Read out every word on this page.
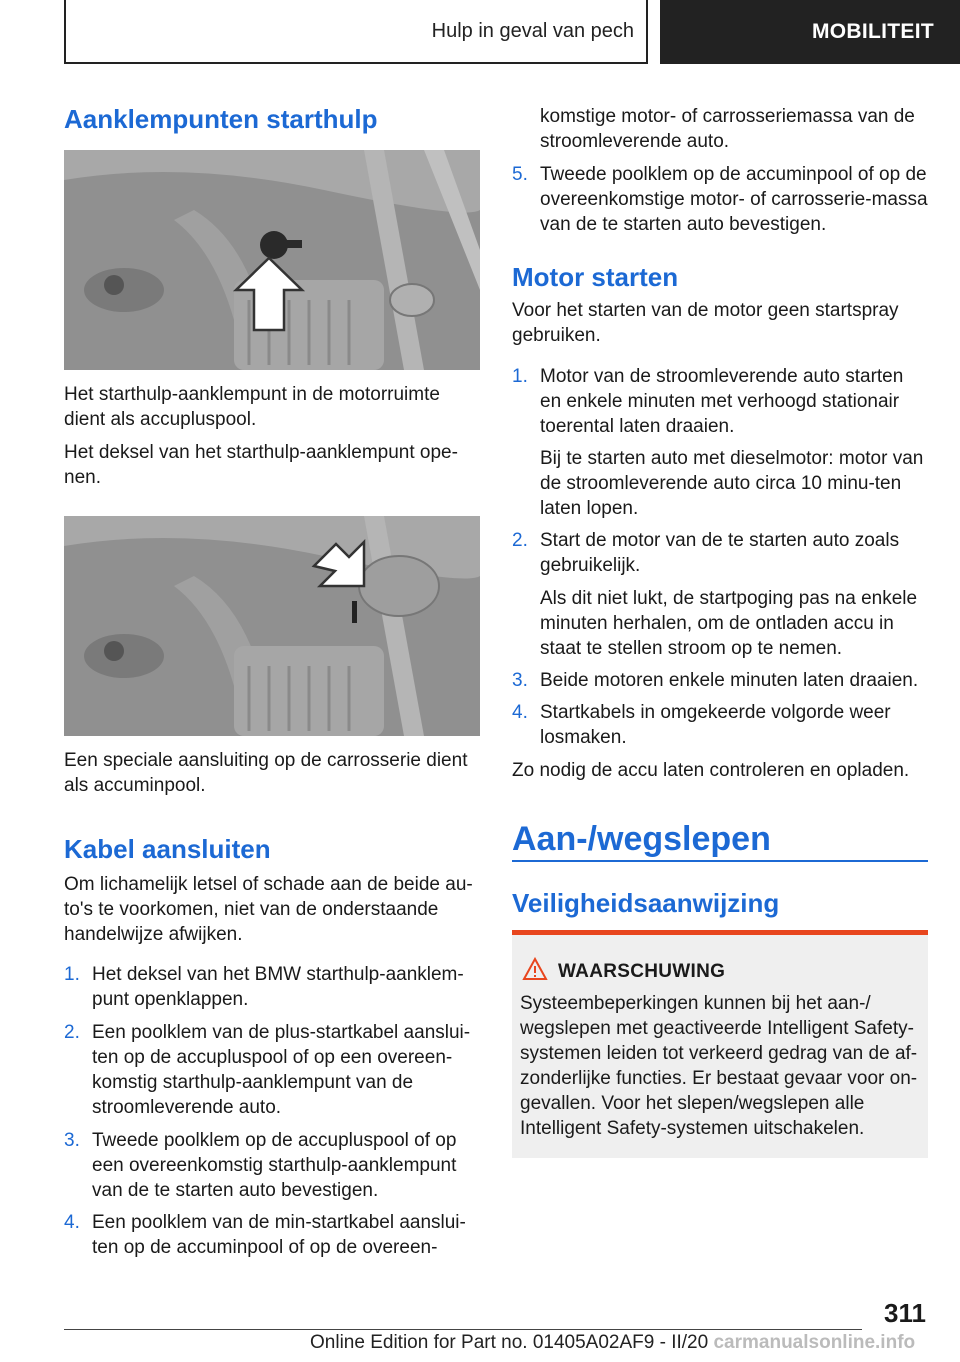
Hulp in geval van pech	MOBILITEIT
Aanklempunten starthulp

Het starthulp-aanklempunt in de motorruimte dient als accupluspool.

Het deksel van het starthulp-aanklempunt ope-nen.

Een speciale aansluiting op de carrosserie dient als accuminpool.

Kabel aansluiten

Om lichamelijk letsel of schade aan de beide au-to's te voorkomen, niet van de onderstaande handelwijze afwijken.

1. Het deksel van het BMW starthulp-aanklem-punt openklappen.
2. Een poolklem van de plus-startkabel aanslui-ten op de accupluspool of op een overeen-komstig starthulp-aanklempunt van de stroomleverende auto.
3. Tweede poolklem op de accupluspool of op een overeenkomstig starthulp-aanklempunt van de te starten auto bevestigen.
4. Een poolklem van de min-startkabel aanslui-ten op de accuminpool of op de overeen-

komstige motor- of carrosseriemassa van de stroomleverende auto.

5. Tweede poolklem op de accuminpool of op de overeenkomstige motor- of carrosserie-massa van de te starten auto bevestigen.
Motor starten

Voor het starten van de motor geen startspray gebruiken.

1. Motor van de stroomleverende auto starten en enkele minuten met verhoogd stationair toerental laten draaien.

Bij te starten auto met dieselmotor: motor van de stroomleverende auto circa 10 minu-ten laten lopen.

2. Start de motor van de te starten auto zoals gebruikelijk.

Als dit niet lukt, de startpoging pas na enkele minuten herhalen, om de ontladen accu in staat te stellen stroom op te nemen.

3. Beide motoren enkele minuten laten draaien.
4. Startkabels in omgekeerde volgorde weer losmaken.

Zo nodig de accu laten controleren en opladen.

Aan-/wegslepen
Veiligheidsaanwijzing
WAARSCHUWING
Systeembeperkingen kunnen bij het aan-/ wegslepen met geactiveerde Intelligent Safety-systemen leiden tot verkeerd gedrag van de af-zonderlijke functies. Er bestaat gevaar voor on-gevallen. Voor het slepen/wegslepen alle Intelligent Safety-systemen uitschakelen.
311
Online Edition for Part no. 01405A02AF9 - II/20 carmanualsonline.info
